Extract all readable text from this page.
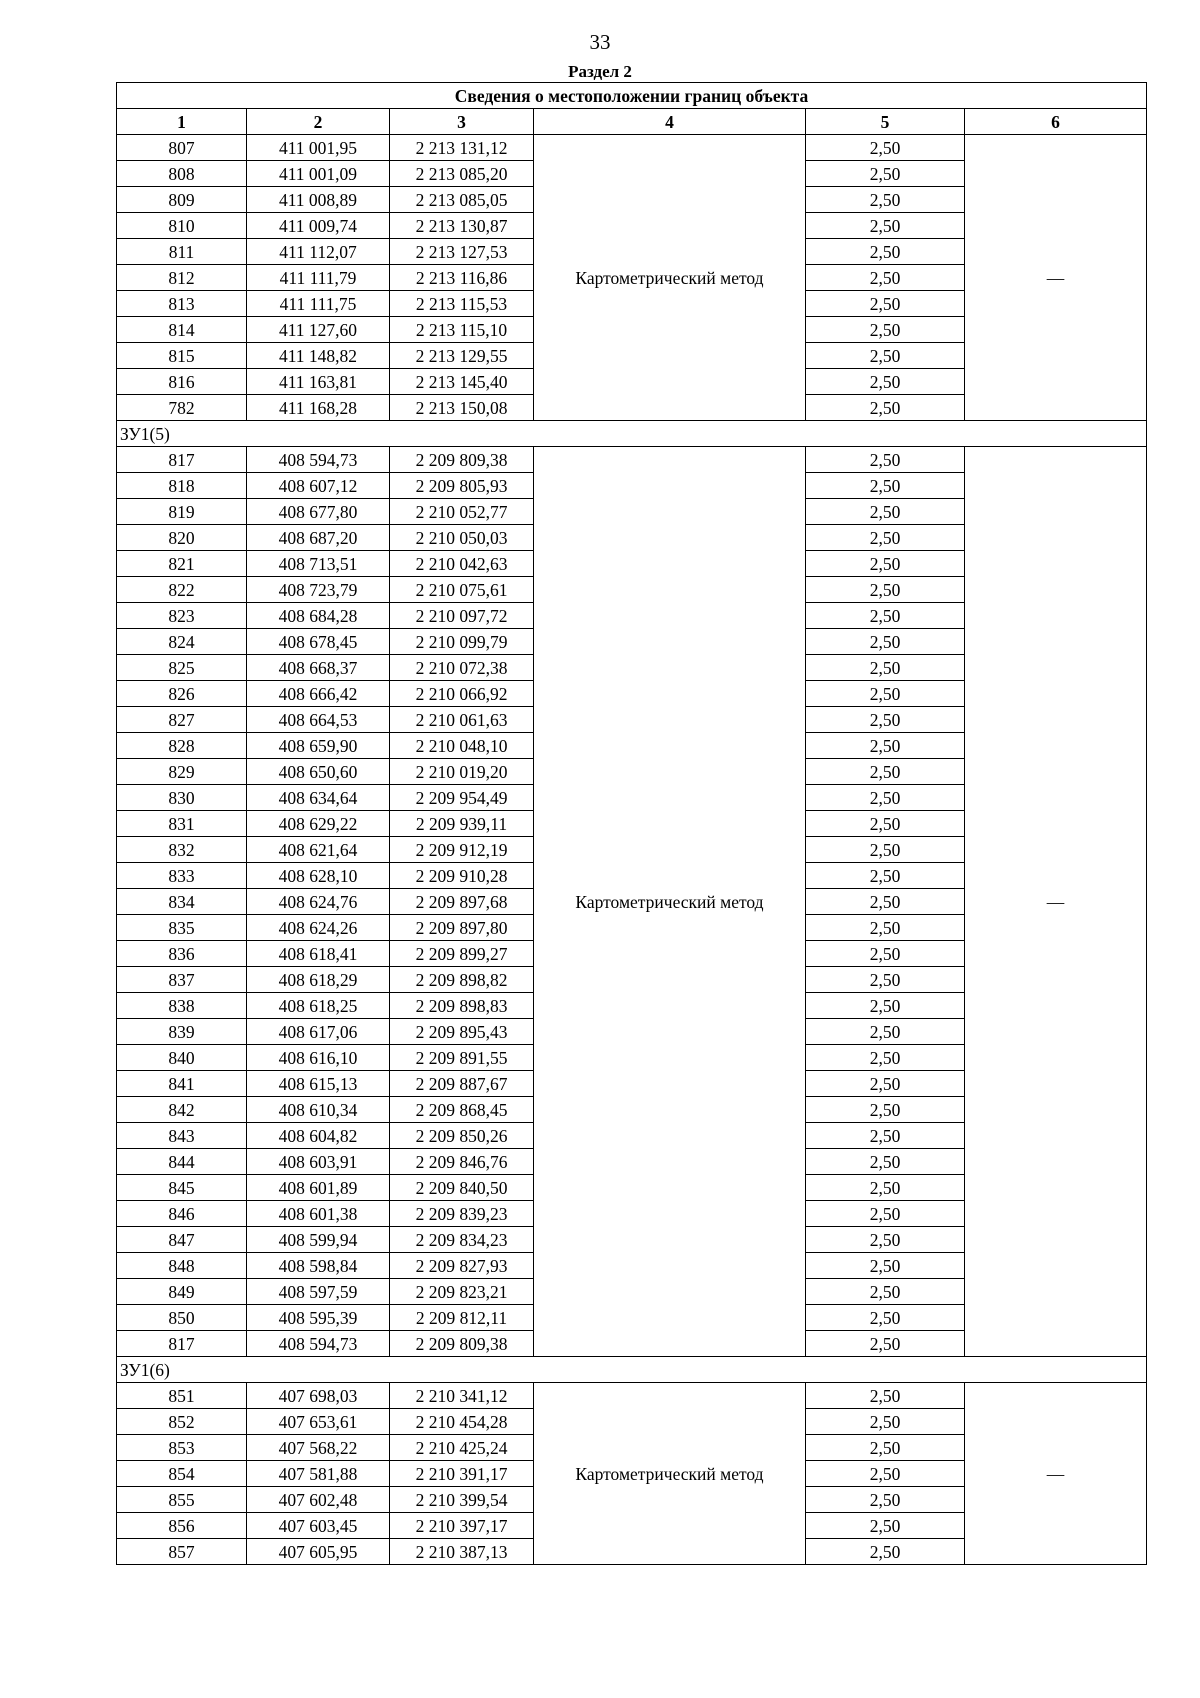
33
Раздел 2
Сведения о местоположении границ объекта					
1	2	3	4	5	6
807	411 001,95	2 213 131,12	Картометрический метод	2,50	—
808	411 001,09	2 213 085,20		2,50	
809	411 008,89	2 213 085,05		2,50	
810	411 009,74	2 213 130,87		2,50	
811	411 112,07	2 213 127,53		2,50	
812	411 111,79	2 213 116,86		2,50	
813	411 111,75	2 213 115,53		2,50	
814	411 127,60	2 213 115,10		2,50	
815	411 148,82	2 213 129,55		2,50	
816	411 163,81	2 213 145,40		2,50	
782	411 168,28	2 213 150,08		2,50	
ЗУ1(5)					
817	408 594,73	2 209 809,38	Картометрический метод	2,50	—
818	408 607,12	2 209 805,93		2,50	
819	408 677,80	2 210 052,77		2,50	
820	408 687,20	2 210 050,03		2,50	
821	408 713,51	2 210 042,63		2,50	
822	408 723,79	2 210 075,61		2,50	
823	408 684,28	2 210 097,72		2,50	
824	408 678,45	2 210 099,79		2,50	
825	408 668,37	2 210 072,38		2,50	
826	408 666,42	2 210 066,92		2,50	
827	408 664,53	2 210 061,63		2,50	
828	408 659,90	2 210 048,10		2,50	
829	408 650,60	2 210 019,20		2,50	
830	408 634,64	2 209 954,49		2,50	
831	408 629,22	2 209 939,11		2,50	
832	408 621,64	2 209 912,19		2,50	
833	408 628,10	2 209 910,28		2,50	
834	408 624,76	2 209 897,68		2,50	
835	408 624,26	2 209 897,80		2,50	
836	408 618,41	2 209 899,27		2,50	
837	408 618,29	2 209 898,82		2,50	
838	408 618,25	2 209 898,83		2,50	
839	408 617,06	2 209 895,43		2,50	
840	408 616,10	2 209 891,55		2,50	
841	408 615,13	2 209 887,67		2,50	
842	408 610,34	2 209 868,45		2,50	
843	408 604,82	2 209 850,26		2,50	
844	408 603,91	2 209 846,76		2,50	
845	408 601,89	2 209 840,50		2,50	
846	408 601,38	2 209 839,23		2,50	
847	408 599,94	2 209 834,23		2,50	
848	408 598,84	2 209 827,93		2,50	
849	408 597,59	2 209 823,21		2,50	
850	408 595,39	2 209 812,11		2,50	
817	408 594,73	2 209 809,38		2,50	
ЗУ1(6)					
851	407 698,03	2 210 341,12	Картометрический метод	2,50	—
852	407 653,61	2 210 454,28		2,50	
853	407 568,22	2 210 425,24		2,50	
854	407 581,88	2 210 391,17		2,50	
855	407 602,48	2 210 399,54		2,50	
856	407 603,45	2 210 397,17		2,50	
857	407 605,95	2 210 387,13		2,50	
